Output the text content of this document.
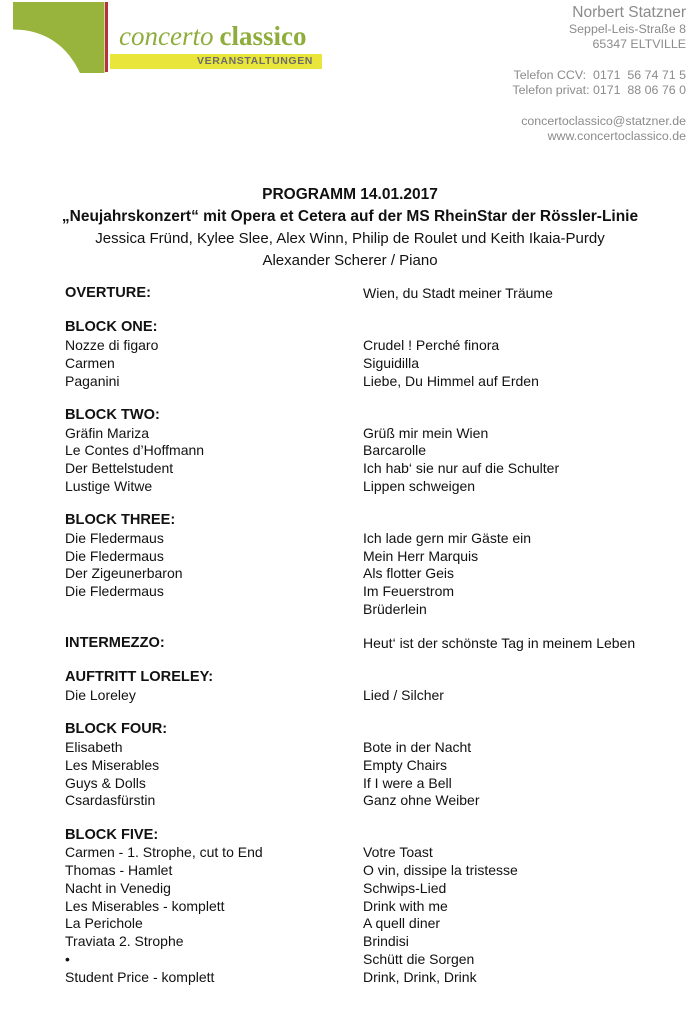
concerto classico
VERANSTALTUNGEN
Norbert Statzner
Seppel-Leis-Straße 8
65347 ELTVILLE
Telefon CCV:  0171  56 74 71 5
Telefon privat: 0171  88 06 76 0
concertoclassico@statzner.de
www.concertoclassico.de
PROGRAMM 14.01.2017
„Neujahrskonzert“ mit Opera et Cetera auf der MS RheinStar der Rössler-Linie
Jessica Fründ, Kylee Slee, Alex Winn, Philip de Roulet und Keith Ikaia-Purdy
Alexander Scherer / Piano
OVERTURE:	Wien, du Stadt meiner Träume
BLOCK ONE:
Nozze di figaro	Crudel ! Perché finora
Carmen	Siguidilla
Paganini	Liebe, Du Himmel auf Erden
BLOCK TWO:
Gräfin Mariza	Grüß mir mein Wien
Le Contes d’Hoffmann	Barcarolle
Der Bettelstudent	Ich hab‘ sie nur auf die Schulter
Lustige Witwe	Lippen schweigen
BLOCK THREE:
Die Fledermaus	Ich lade gern mir Gäste ein
Die Fledermaus	Mein Herr Marquis
Der Zigeunerbaron	Als flotter Geis
Die Fledermaus	Im Feuerstrom
Brüderlein
INTERMEZZO:	Heut‘ ist der schönste Tag in meinem Leben
AUFTRITT LORELEY:
Die Loreley	Lied / Silcher
BLOCK FOUR:
Elisabeth	Bote in der Nacht
Les Miserables	Empty Chairs
Guys & Dolls	If I were a Bell
Csardasfürstin	Ganz ohne Weiber
BLOCK FIVE:
Carmen - 1. Strophe, cut to End	Votre Toast
Thomas - Hamlet	O vin, dissipe la tristesse
Nacht in Venedig	Schwips-Lied
Les Miserables - komplett	Drink with me
La Perichole	A quell diner
Traviata 2. Strophe	Brindisi
•	Schütt die Sorgen
Student Price - komplett	Drink, Drink, Drink
